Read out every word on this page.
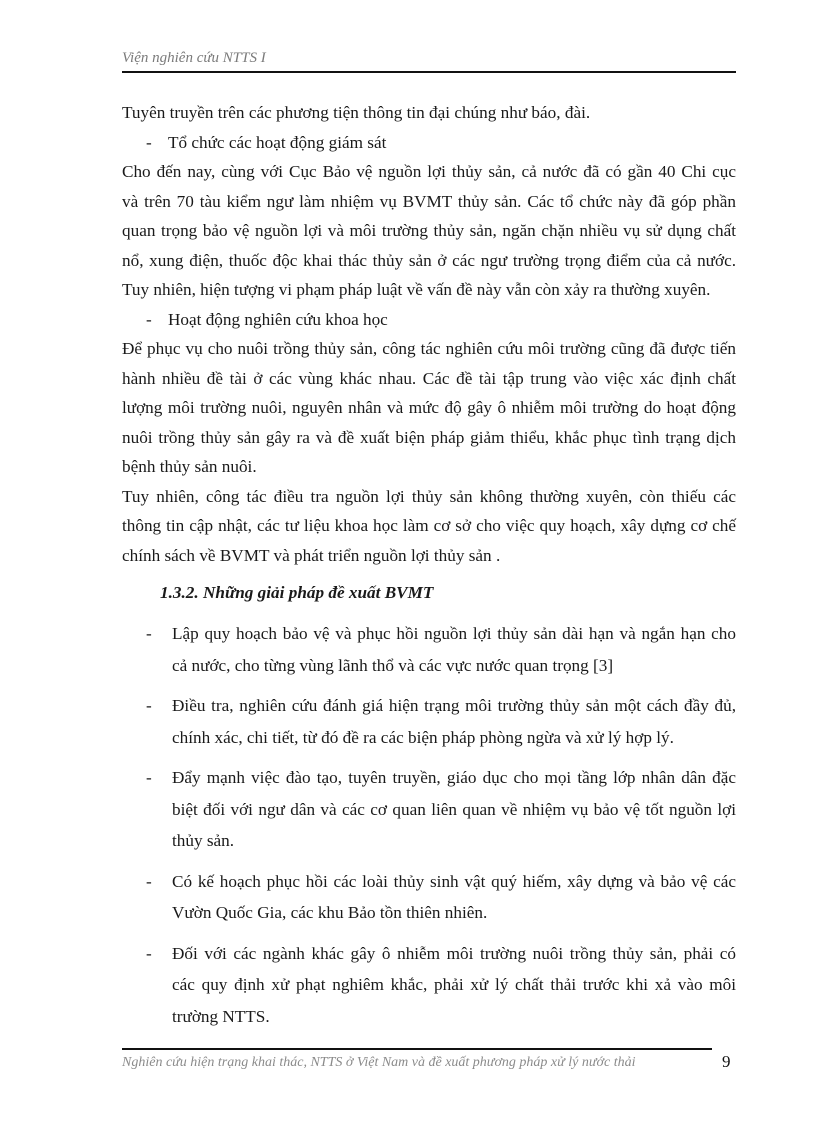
Viện nghiên cứu NTTS I
Tuyên truyền trên các phương tiện thông tin đại chúng như báo, đài.
- Tổ chức các hoạt động giám sát
Cho đến nay, cùng với Cục Bảo vệ nguồn lợi thủy sản, cả nước đã có gần 40 Chi cục
và trên 70 tàu kiểm ngư làm nhiệm vụ BVMT thủy sản. Các tổ chức này đã góp phần
quan trọng bảo vệ nguồn lợi và môi trường thủy sản, ngăn chặn nhiều vụ sử dụng chất
nổ, xung điện, thuốc độc khai thác thủy sản ở các ngư trường trọng điểm của cả nước.
Tuy nhiên, hiện tượng vi phạm pháp luật về vấn đề này vẫn còn xảy ra thường xuyên.
- Hoạt động nghiên cứu khoa học
Để phục vụ cho nuôi trồng thủy sản, công tác nghiên cứu môi trường cũng đã được tiến
hành nhiều đề tài ở các vùng khác nhau. Các đề tài tập trung vào việc xác định chất
lượng môi trường nuôi, nguyên nhân và mức độ gây ô nhiễm môi trường do hoạt động
nuôi trồng thủy sản gây ra và đề xuất biện pháp giảm thiểu, khắc phục tình trạng dịch
bệnh thủy sản nuôi.
Tuy nhiên, công tác điều tra nguồn lợi thủy sản không thường xuyên, còn thiếu các
thông tin cập nhật, các tư liệu khoa học làm cơ sở cho việc quy hoạch, xây dựng cơ chế
chính sách về BVMT và phát triển nguồn lợi thủy sản .
1.3.2. Những giải pháp đề xuất BVMT
- Lập quy hoạch bảo vệ và phục hồi nguồn lợi thủy sản dài hạn và ngắn hạn cho
cả nước, cho từng vùng lãnh thổ và các vực nước quan trọng [3]
- Điều tra, nghiên cứu đánh giá hiện trạng môi trường thủy sản một cách đầy đủ,
chính xác, chi tiết, từ đó đề ra các biện pháp phòng ngừa và xử lý hợp lý.
- Đẩy mạnh việc đào tạo, tuyên truyền, giáo dục cho mọi tầng lớp nhân dân đặc
biệt đối với ngư dân và các cơ quan liên quan về nhiệm vụ bảo vệ tốt nguồn lợi
thủy sản.
- Có kế hoạch phục hồi các loài thủy sinh vật quý hiếm, xây dựng và bảo vệ các
Vườn Quốc Gia, các khu Bảo tồn thiên nhiên.
- Đối với các ngành khác gây ô nhiễm môi trường nuôi trồng thủy sản, phải có
các quy định xử phạt nghiêm khắc, phải xử lý chất thải trước khi xả vào môi
trường NTTS.
Nghiên cứu hiện trạng khai thác, NTTS ở Việt Nam và đề xuất phương pháp xử lý nước thải	9
